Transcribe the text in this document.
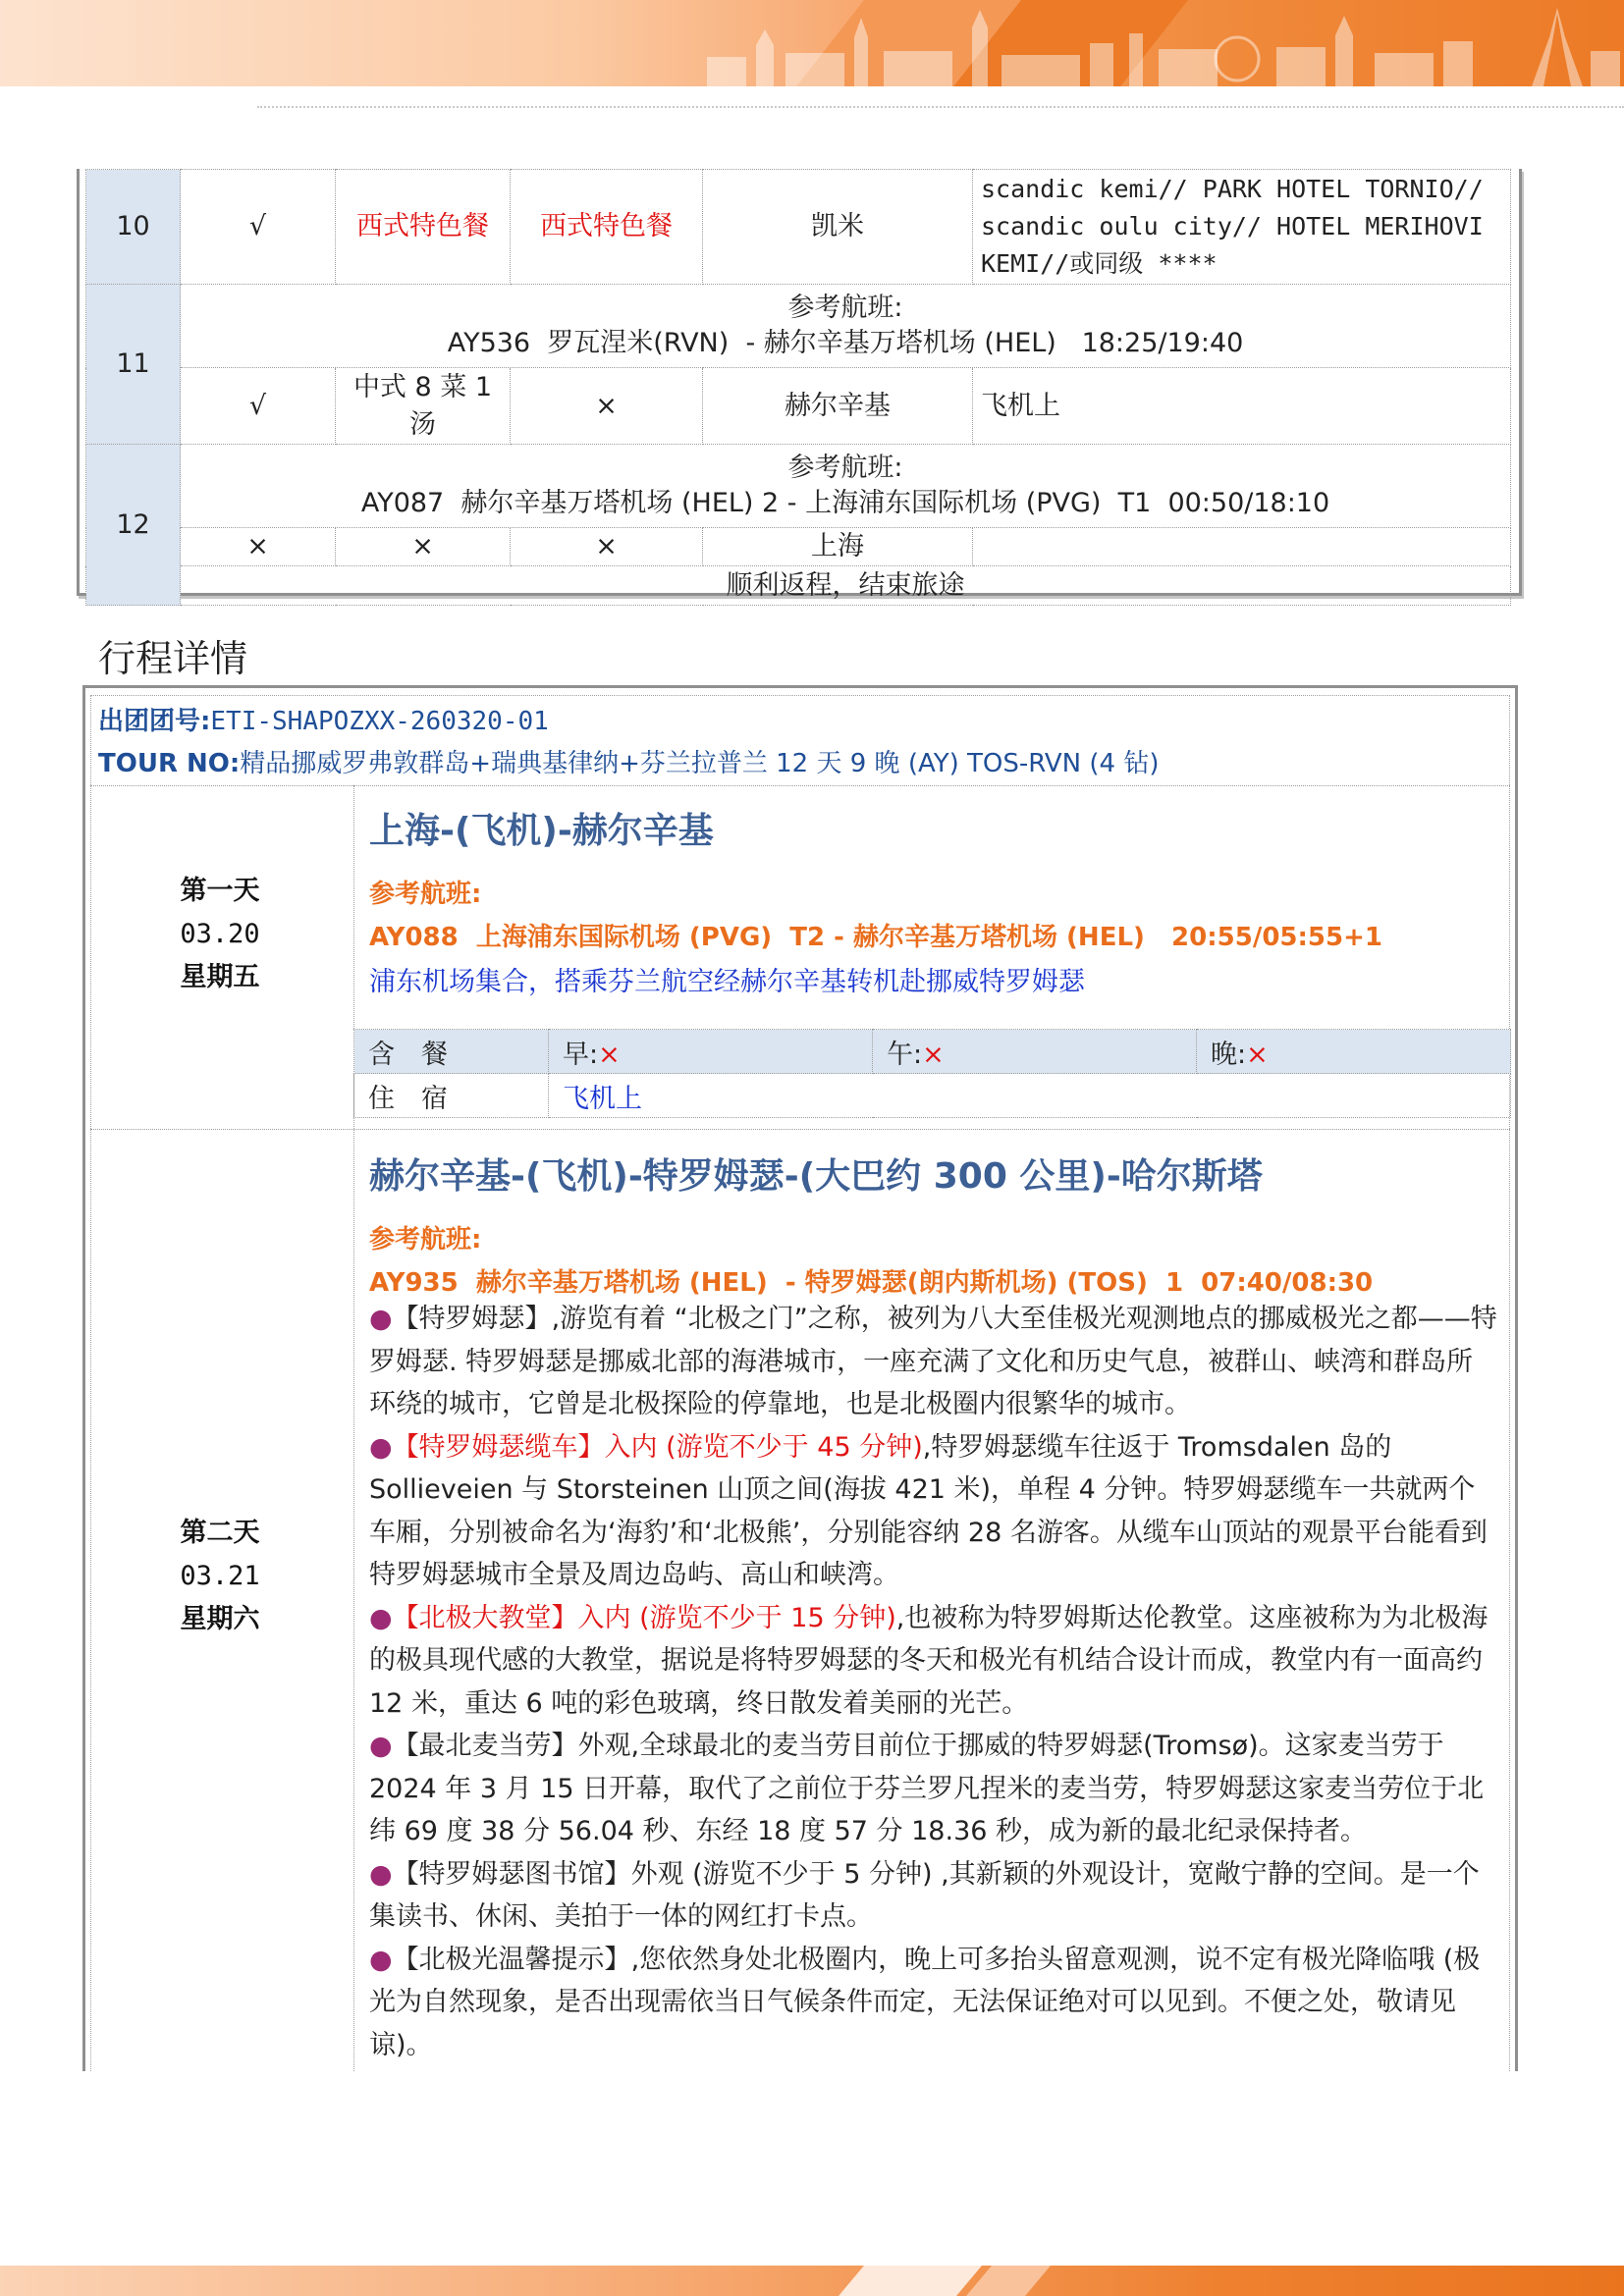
10	√	西式特色餐	西式特色餐	凯米	scandic kemi// PARK HOTEL TORNIO// scandic oulu city// HOTEL MERIHOVI KEMI//或同级 ****
11	参考航班:
AY536  罗瓦涅米(RVN)  - 赫尔辛基万塔机场 (HEL)   18:25/19:40				

	√	中式 8 菜 1 汤	×	赫尔辛基	飞机上
12	参考航班:
AY087  赫尔辛基万塔机场 (HEL) 2 - 上海浦东国际机场 (PVG)  T1  00:50/18:10				

	×	×	×	上海	
	顺利返程，结束旅途				
行程详情
出团团号:ETI-SHAPOZXX-260320-01
TOUR NO:精品挪威罗弗敦群岛+瑞典基律纳+芬兰拉普兰 12 天 9 晚 (AY) TOS-RVN (4 钻)
第一天
03.20
星期五
上海-(飞机)-赫尔辛基
参考航班:
AY088  上海浦东国际机场 (PVG)  T2 - 赫尔辛基万塔机场 (HEL)   20:55/05:55+1
浦东机场集合，搭乘芬兰航空经赫尔辛基转机赴挪威特罗姆瑟
含　餐	早:×	午:×	晚:×
住　宿	飞机上		
第二天
03.21
星期六
赫尔辛基-(飞机)-特罗姆瑟-(大巴约 300 公里)-哈尔斯塔
参考航班:
AY935  赫尔辛基万塔机场 (HEL)  - 特罗姆瑟(朗内斯机场) (TOS)  1  07:40/08:30

●【特罗姆瑟】,游览有着 “北极之门”之称，被列为八大至佳极光观测地点的挪威极光之都——特罗姆瑟. 特罗姆瑟是挪威北部的海港城市，一座充满了文化和历史气息，被群山、峡湾和群岛所环绕的城市，它曾是北极探险的停靠地，也是北极圈内很繁华的城市。

●【特罗姆瑟缆车】入内 (游览不少于 45 分钟),特罗姆瑟缆车往返于 Tromsdalen 岛的 Sollieveien 与 Storsteinen 山顶之间(海拔 421 米)，单程 4 分钟。特罗姆瑟缆车一共就两个车厢，分别被命名为‘海豹’和‘北极熊’，分别能容纳 28 名游客。从缆车山顶站的观景平台能看到特罗姆瑟城市全景及周边岛屿、高山和峡湾。

●【北极大教堂】入内 (游览不少于 15 分钟),也被称为特罗姆斯达伦教堂。这座被称为为北极海的极具现代感的大教堂，据说是将特罗姆瑟的冬天和极光有机结合设计而成，教堂内有一面高约 12 米，重达 6 吨的彩色玻璃，终日散发着美丽的光芒。

●【最北麦当劳】外观,全球最北的麦当劳目前位于挪威的特罗姆瑟(Tromsø)。这家麦当劳于 2024 年 3 月 15 日开幕，取代了之前位于芬兰罗凡捏米的麦当劳，特罗姆瑟这家麦当劳位于北纬 69 度 38 分 56.04 秒、东经 18 度 57 分 18.36 秒，成为新的最北纪录保持者。

●【特罗姆瑟图书馆】外观 (游览不少于 5 分钟) ,其新颖的外观设计，宽敞宁静的空间。是一个集读书、休闲、美拍于一体的网红打卡点。

●【北极光温馨提示】,您依然身处北极圈内，晚上可多抬头留意观测，说不定有极光降临哦 (极光为自然现象，是否出现需依当日气候条件而定，无法保证绝对可以见到。不便之处，敬请见谅)。
